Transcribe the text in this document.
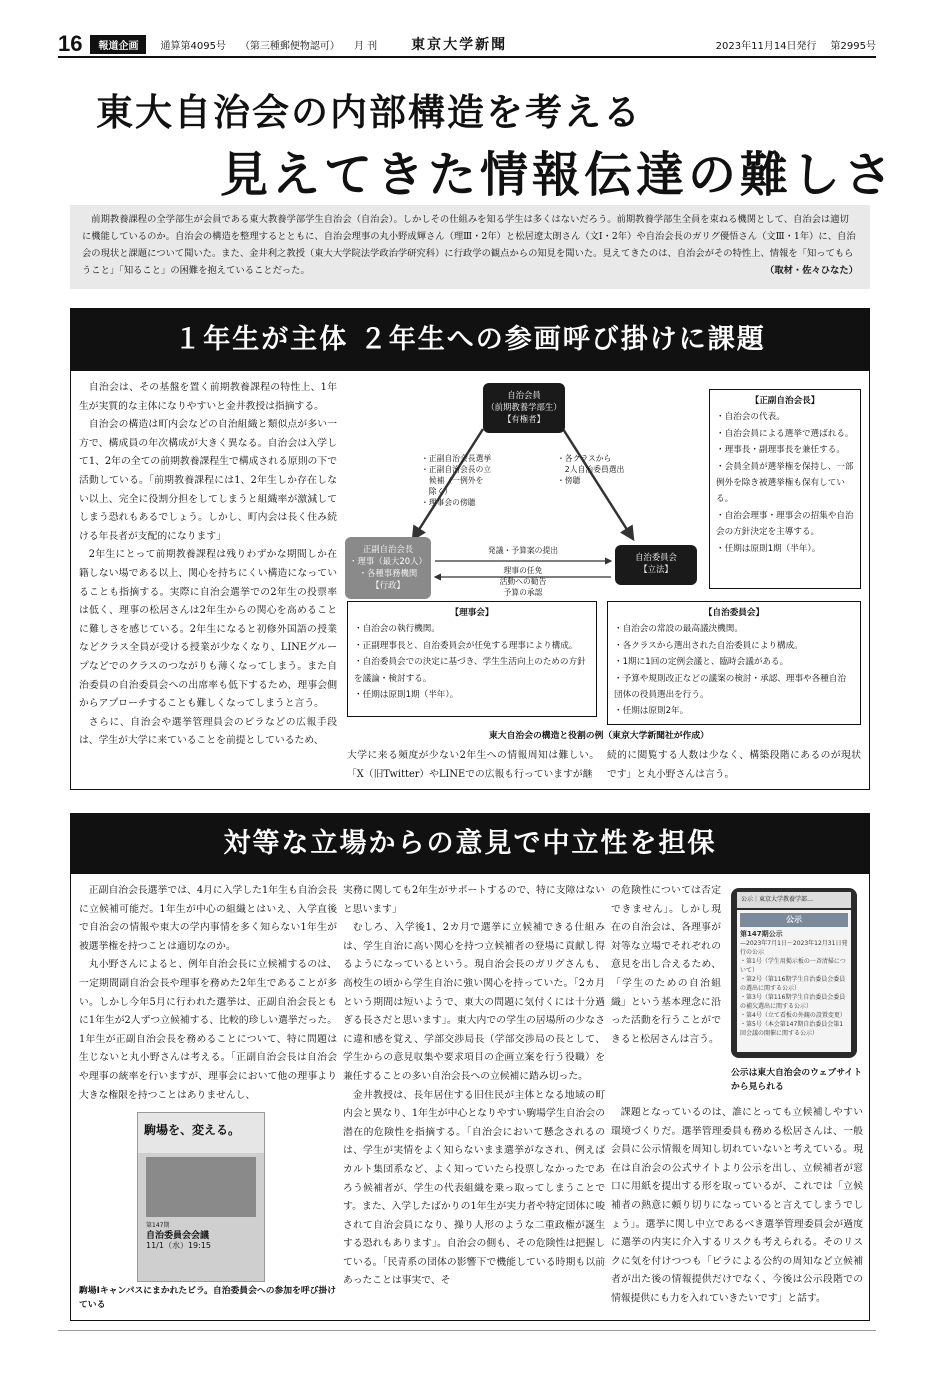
16	報道企画	通算第4095号 （第三種郵便物認可） 月 刊 東京大学新聞	2023年11月14日発行 第2995号
東大自治会の内部構造を考える
見えてきた情報伝達の難しさ
前期教養課程の全学部生が会員である東大教養学部学生自治会（自治会）。しかしその仕組みを知る学生は多くはないだろう。前期教養学部生全員を束ねる機関として、自治会は適切に機能しているのか。自治会の構造を整理するとともに、自治会理事の丸小野成輝さん（理Ⅲ・2年）と松居遼太朗さん（文Ⅰ・2年）や自治会長のガリグ優悟さん（文Ⅲ・1年）に、自治会の現状と課題について聞いた。また、金井利之教授（東大大学院法学政治学研究科）に行政学の観点からの知見を聞いた。見えてきたのは、自治会がその特性上、情報を「知ってもらうこと」「知ること」の困難を抱えていることだった。	（取材・佐々ひなた）
１年生が主体 ２年生への参画呼び掛けに課題

自治会は、その基盤を置く前期教養課程の特性上、1年生が実質的な主体になりやすいと金井教授は指摘する。

自治会の構造は町内会などの自治組織と類似点が多い一方で、構成員の年次構成が大きく異なる。自治会は入学して1、2年の全ての前期教養課程生で構成される原則の下で活動している。「前期教養課程には1、2年生しか存在しない以上、完全に役割分担をしてしまうと組織率が激減してしまう恐れもあるでしょう。しかし、町内会は長く住み続ける年長者が支配的になります」

2年生にとって前期教養課程は残りわずかな期間しか在籍しない場である以上、関心を持ちにくい構造になっていることも指摘する。実際に自治会選挙での2年生の投票率は低く、理事の松居さんは2年生からの関心を高めることに難しさを感じている。2年生になると初修外国語の授業などクラス全員が受ける授業が少なくなり、LINEグループなどでのクラスのつながりも薄くなってしまう。また自治委員の自治委員会への出席率も低下するため、理事会側からアプローチすることも難しくなってしまうと言う。

さらに、自治会や選挙管理員会のビラなどの広報手段は、学生が大学に来ていることを前提としているため、

自治会員
（前期教養学部生）
【有権者】
正副自治会長
・理事（最大20人）
・各種事務機関
【行政】
自治委員会
【立法】
・正副自治会長選挙
・正副自治会長の立
　候補（一例外を
　除く）
・理事会の傍聴
・各クラスから
　2人自治委員選出
・傍聴
発議・予算案の提出
理事の任免
活動への勧告
予算の承認
【正副自治会長】
・自治会の代表。
・自治会員による選挙で選ばれる。
・理事長・副理事長を兼任する。
・会員全員が選挙権を保持し、一部例外を除き被選挙権も保有している。
・自治会理事・理事会の招集や自治会の方針決定を主導する。
・任期は原則1期（半年）。
【理事会】
・自治会の執行機関。
・正副理事長と、自治委員会が任免する理事により構成。
・自治委員会での決定に基づき、学生生活向上のための方針を議論・検討する。
・任期は原則1期（半年）。
【自治委員会】
・自治会の常設の最高議決機関。
・各クラスから選出された自治委員により構成。
・1期に1回の定例会議と、臨時会議がある。
・予算や規則改正などの議案の検討・承認、理事や各種自治団体の役員選出を行う。
・任期は原則2年。
東大自治会の構造と役割の例（東京大学新聞社が作成）
大学に来る頻度が少ない2年生への情報周知は難しい。「X（旧Twitter）やLINEでの広報も行っていますが継
続的に閲覧する人数は少なく、構築段階にあるのが現状です」と丸小野さんは言う。
対等な立場からの意見で中立性を担保

正副自治会長選挙では、4月に入学した1年生も自治会長に立候補可能だ。1年生が中心の組織とはいえ、入学直後で自治会の情報や東大の学内事情を多く知らない1年生が被選挙権を持つことは適切なのか。

丸小野さんによると、例年自治会長に立候補するのは、一定期間副自治会長や理事を務めた2年生であることが多い。しかし今年5月に行われた選挙は、正副自治会長ともに1年生が2人ずつ立候補する、比較的珍しい選挙だった。1年生が正副自治会長を務めることについて、特に問題は生じないと丸小野さんは考える。「正副自治会長は自治会や理事の統率を行いますが、理事会において他の理事より大きな権限を持つことはありませんし、

駒場を、変える。
第147期
自治委員会会議
11/1（水）19:15
駒場Ⅰキャンパスにまかれたビラ。自治委員会への参加を呼び掛けている
実務に関しても2年生がサポートするので、特に支障はないと思います」

むしろ、入学後1、2カ月で選挙に立候補できる仕組みは、学生自治に高い関心を持つ立候補者の登場に貢献し得るようになっているという。現自治会長のガリグさんも、高校生の頃から学生自治に強い関心を持っていた。「2カ月という期間は短いようで、東大の問題に気付くには十分過ぎる長さだと思います」。東大内での学生の居場所の少なさに違和感を覚え、学部交渉局長（学部交渉局の長として、学生からの意見収集や要求項目の企画立案を行う役職）を兼任することの多い自治会長への立候補に踏み切った。

金井教授は、長年居住する旧住民が主体となる地域の町内会と異なり、1年生が中心となりやすい駒場学生自治会の潜在的危険性を指摘する。「自治会において懸念されるのは、学生が実情をよく知らないまま選挙がなされ、例えばカルト集団系など、よく知っていたら投票しなかったであろう候補者が、学生の代表組織を乗っ取ってしまうことです。また、入学したばかりの1年生が実力者や特定団体に唆されて自治会員になり、操り人形のような二重政権が誕生する恐れもあります」。自治会の側も、その危険性は把握している。「民青系の団体の影響下で機能している時期も以前あったことは事実で、そ

の危険性については否定できません」。しかし現在の自治会は、各理事が対等な立場でそれぞれの意見を出し合えるため、「学生のための自治組織」という基本理念に沿った活動を行うことができると松居さんは言う。
公示｜東京大学教養学部…
公示
第147期公示
—2023年7月1日～2023年12月31日発行の公示
・第1号（学生用掲示板の一斉清掃について）
・第2号（第116期学生自治委員会委員の選出に関する公示）
・第3号（第116期学生自治委員会委員の補欠選出に関する公示）
・第4号（立て看板の外観の設置変更）
・第5号（本会第147期自治委員会第1回会議の開催に関する公示）
公示は東大自治会のウェブサイトから見られる

課題となっているのは、誰にとっても立候補しやすい環境づくりだ。選挙管理委員も務める松居さんは、一般会員に公示情報を周知し切れていないと考えている。現在は自治会の公式サイトより公示を出し、立候補者が窓口に用紙を提出する形を取っているが、これでは「立候補者の熱意に頼り切りになっていると言えてしまうでしょう」。選挙に関し中立であるべき選挙管理委員会が過度に選挙の内実に介入するリスクも考えられる。そのリスクに気を付けつつも「ビラによる公約の周知など立候補者が出た後の情報提供だけでなく、今後は公示段階での情報提供にも力を入れていきたいです」と話す。
